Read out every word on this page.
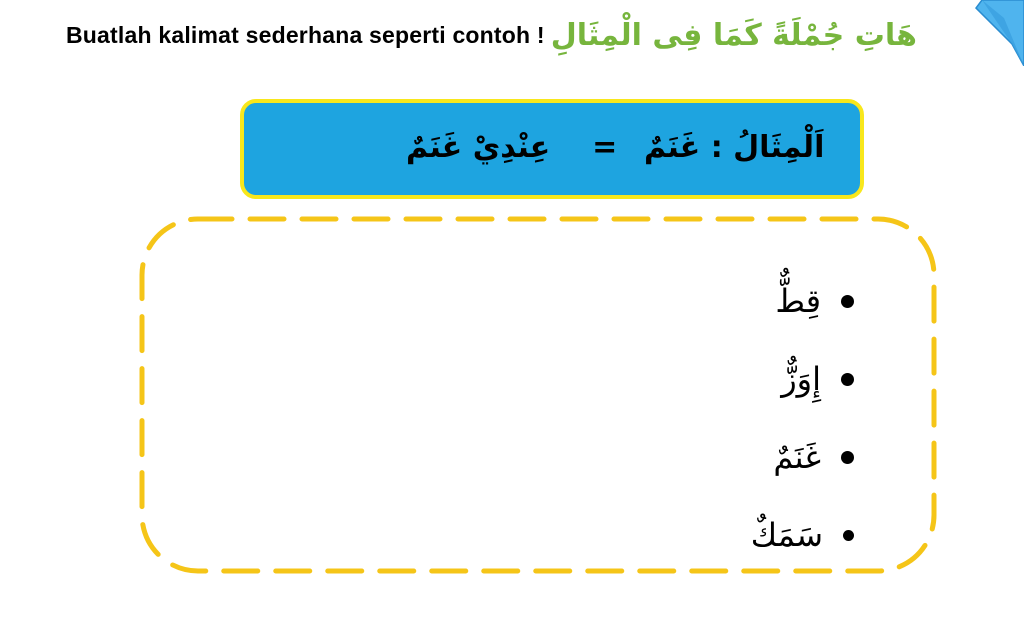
Buatlah kalimat sederhana seperti contoh ! هَاتِ جُمْلَةً كَمَا فِى الْمِثَالِ
اَلْمِثَالُ : غَنَمٌ
عِنْدِيْ غَنَمٌ =
قِطٌّ
إِوَزٌّ
غَنَمٌ
سَمَكٌ
